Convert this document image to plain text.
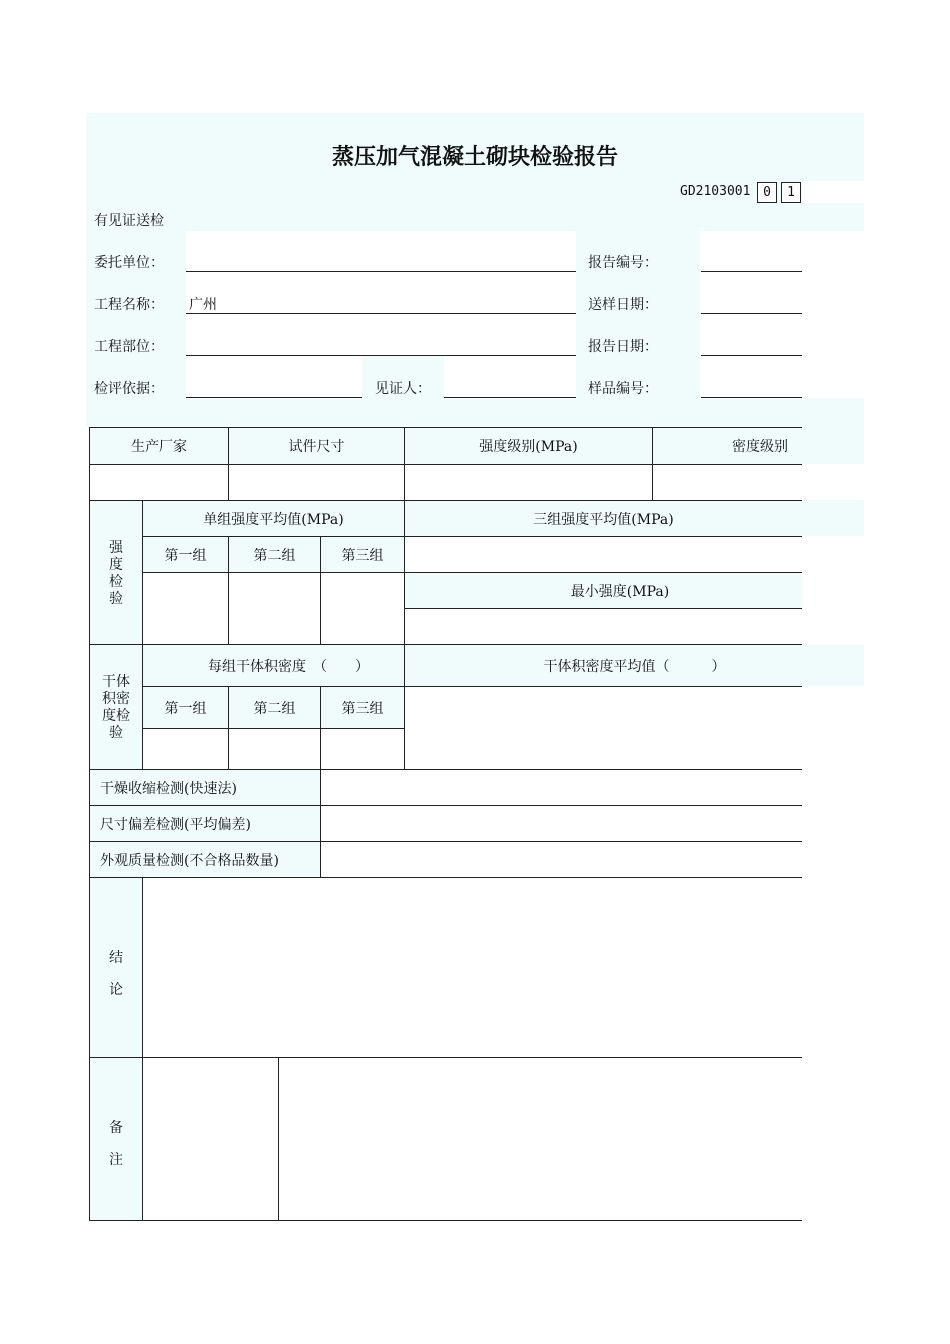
蒸压加气混凝土砌块检验报告
GD2103001 0	1
有见证送检
委托单位：	报告编号：
工程名称： 广州	送样日期：
工程部位：	报告日期：
检评依据：	见证人：	样品编号：
生产厂家	试件尺寸	强度级别(MPa)	密度级别
强度检验
单组强度平均值(MPa)	三组强度平均值(MPa)
第一组	第二组	第三组
最小强度(MPa)
干体积密度检验
每组干体积密度　（　　）	干体积密度平均值（　　　）
第一组	第二组	第三组
干燥收缩检测(快速法)
尺寸偏差检测(平均偏差)
外观质量检测(不合格品数量)
结论
备注
